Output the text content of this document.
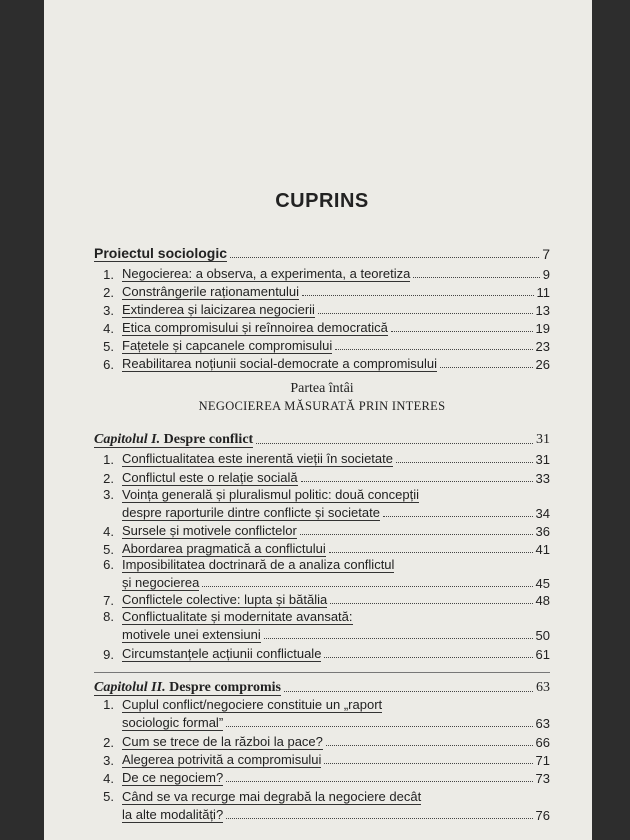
CUPRINS
Proiectul sociologic	7
1. Negocierea: a observa, a experimenta, a teoretiza	9
2. Constrângerile raționamentului	11
3. Extinderea și laicizarea negocierii	13
4. Etica compromisului și reînnoirea democratică	19
5. Fațetele și capcanele compromisului	23
6. Reabilitarea noțiunii social-democrate a compromisului	26
Partea întâi
NEGOCIEREA MĂSURATĂ PRIN INTERES
Capitolul I. Despre conflict	31
1. Conflictualitatea este inerentă vieții în societate	31
2. Conflictul este o relație socială	33
3. Voința generală și pluralismul politic: două concepții
despre raporturile dintre conflicte și societate	34
4. Sursele și motivele conflictelor	36
5. Abordarea pragmatică a conflictului	41
6. Imposibilitatea doctrinară de a analiza conflictul
și negocierea	45
7. Conflictele colective: lupta și bătălia	48
8. Conflictualitate și modernitate avansată:
motivele unei extensiuni	50
9. Circumstanțele acțiunii conflictuale	61
Capitolul II. Despre compromis	63
1. Cuplul conflict/negociere constituie un „raport
sociologic formal”	63
2. Cum se trece de la război la pace?	66
3. Alegerea potrivită a compromisului	71
4. De ce negociem?	73
5. Când se va recurge mai degrabă la negociere decât
la alte modalități?	76
